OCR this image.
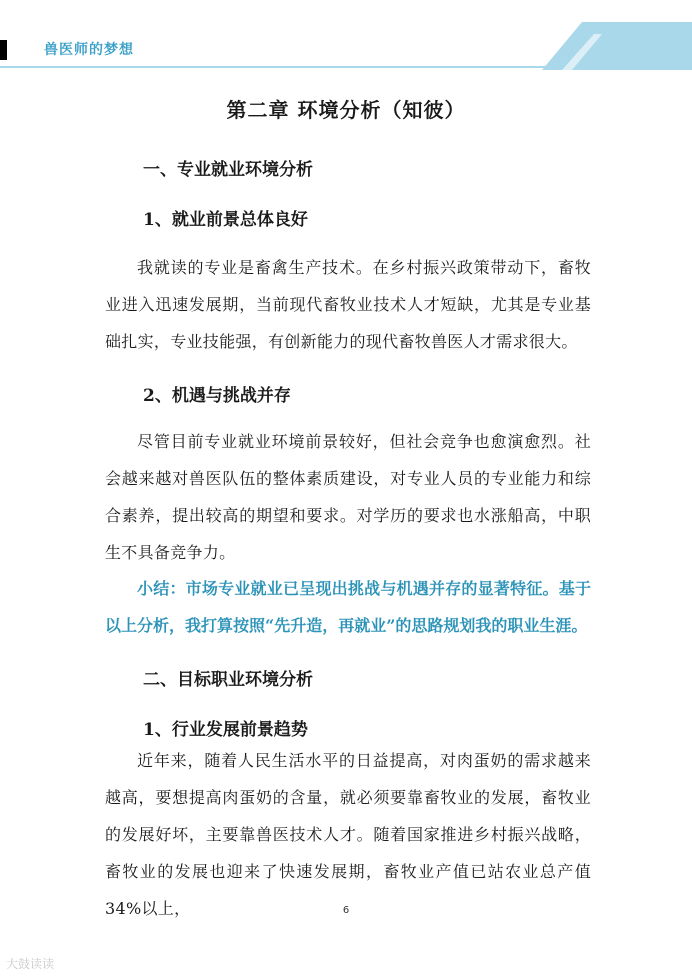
兽医师的梦想
第二章 环境分析（知彼）
一、专业就业环境分析
1、就业前景总体良好
我就读的专业是畜禽生产技术。在乡村振兴政策带动下，畜牧业进入迅速发展期，当前现代畜牧业技术人才短缺，尤其是专业基础扎实，专业技能强，有创新能力的现代畜牧兽医人才需求很大。
2、机遇与挑战并存
尽管目前专业就业环境前景较好，但社会竞争也愈演愈烈。社会越来越对兽医队伍的整体素质建设，对专业人员的专业能力和综合素养，提出较高的期望和要求。对学历的要求也水涨船高，中职生不具备竞争力。
小结：市场专业就业已呈现出挑战与机遇并存的显著特征。基于以上分析，我打算按照“先升造，再就业”的思路规划我的职业生涯。
二、目标职业环境分析
1、行业发展前景趋势
近年来，随着人民生活水平的日益提高，对肉蛋奶的需求越来越高，要想提高肉蛋奶的含量，就必须要靠畜牧业的发展，畜牧业的发展好坏，主要靠兽医技术人才。随着国家推进乡村振兴战略，畜牧业的发展也迎来了快速发展期，畜牧业产值已站农业总产值 34%以上，	6
大鼓读读
